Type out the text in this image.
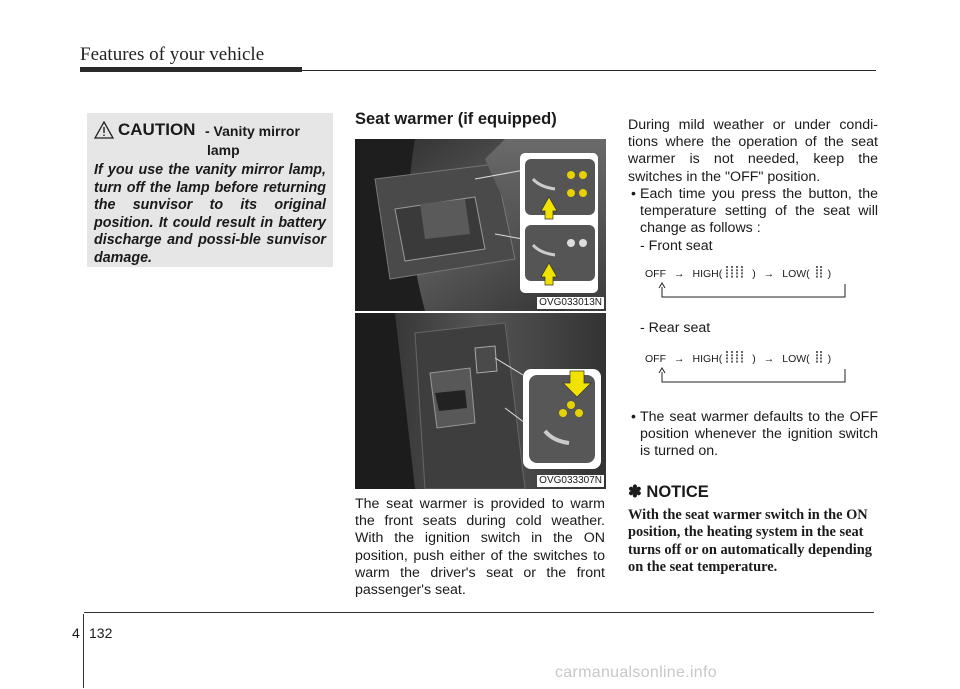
Features of your vehicle
CAUTION - Vanity mirror
lamp
If you use the vanity mirror lamp, turn off the lamp before returning the sunvisor to its original position. It could result in battery discharge and possi-ble sunvisor damage.
Seat warmer (if equipped)
OVG033013N
OVG033307N
The seat warmer is provided to warm the front seats during cold weather. With the ignition switch in the ON position, push either of the switches to warm the driver's seat or the front passenger's seat.
During mild weather or under condi-tions where the operation of the seat warmer is not needed, keep the switches in the "OFF" position.
• Each time you press the button, the temperature setting of the seat will change as follows :
- Front seat
OFF → HIGH(	) → LOW( )
- Rear seat
OFF → HIGH(	) → LOW( )
• The seat warmer defaults to the OFF position whenever the ignition switch is turned on.
✽ NOTICE
With the seat warmer switch in the ON position, the heating system in the seat turns off or on automatically depending on the seat temperature.
4 132
carmanualsonline.info
